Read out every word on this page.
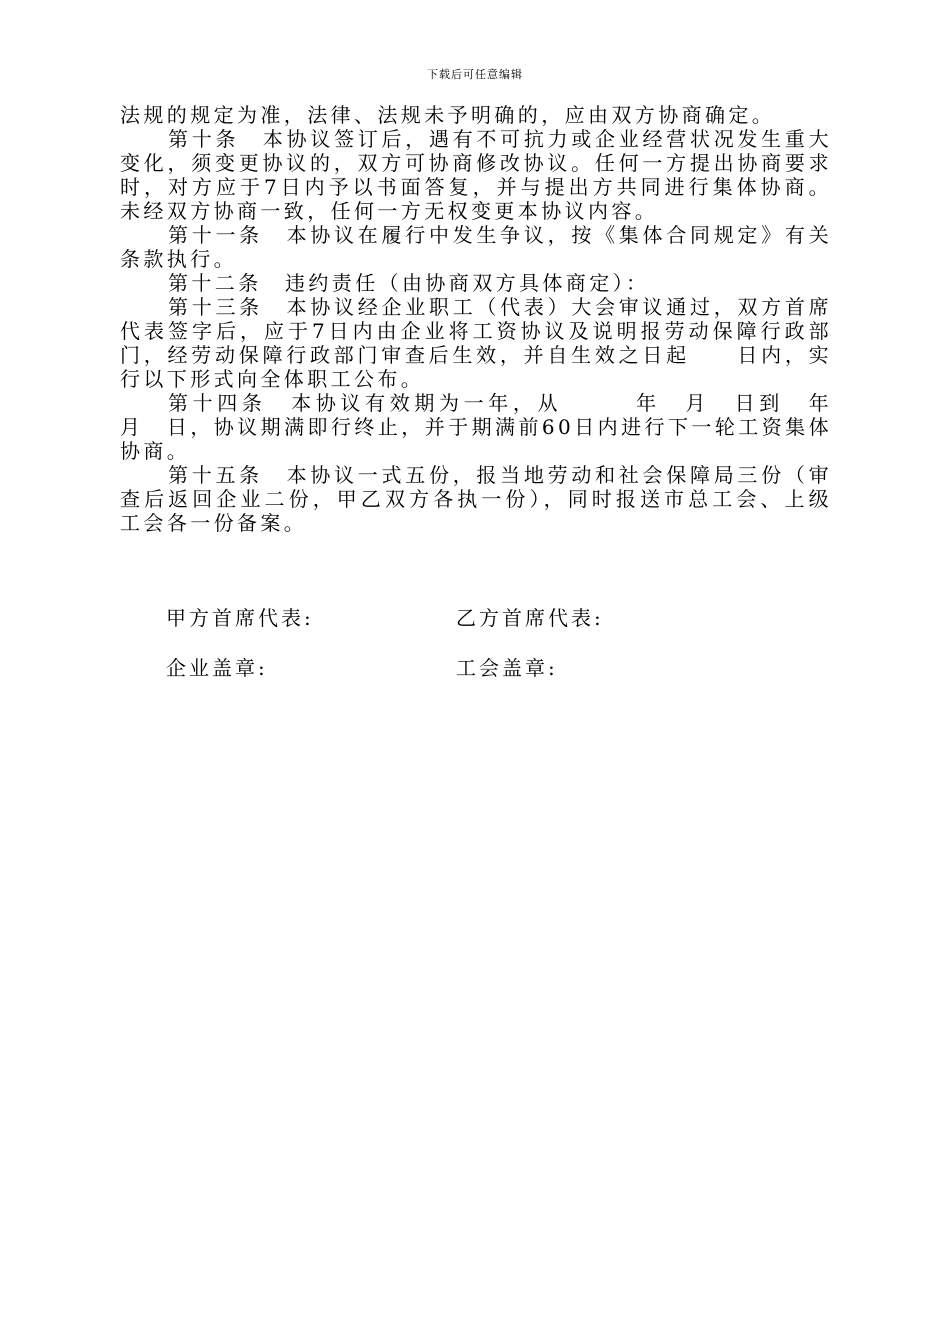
下载后可任意编辑

法规的规定为准，法律、法规未予明确的，应由双方协商确定。

第十条　本协议签订后，遇有不可抗力或企业经营状况发生重大变化，须变更协议的，双方可协商修改协议。任何一方提出协商要求时，对方应于7日内予以书面答复，并与提出方共同进行集体协商。未经双方协商一致，任何一方无权变更本协议内容。

第十一条　本协议在履行中发生争议，按《集体合同规定》有关条款执行。

第十二条　违约责任（由协商双方具体商定）：

第十三条　本协议经企业职工（代表）大会审议通过，双方首席代表签字后，应于7日内由企业将工资协议及说明报劳动保障行政部门，经劳动保障行政部门审查后生效，并自生效之日起　　日内，实行以下形式向全体职工公布。

第十四条　本协议有效期为一年，从　　　年　月　日到　年　月　日，协议期满即行终止，并于期满前60日内进行下一轮工资集体协商。

第十五条　本协议一式五份，报当地劳动和社会保障局三份（审查后返回企业二份，甲乙双方各执一份），同时报送市总工会、上级工会各一份备案。

甲方首席代表:	乙方首席代表:
企业盖章:	工会盖章:
